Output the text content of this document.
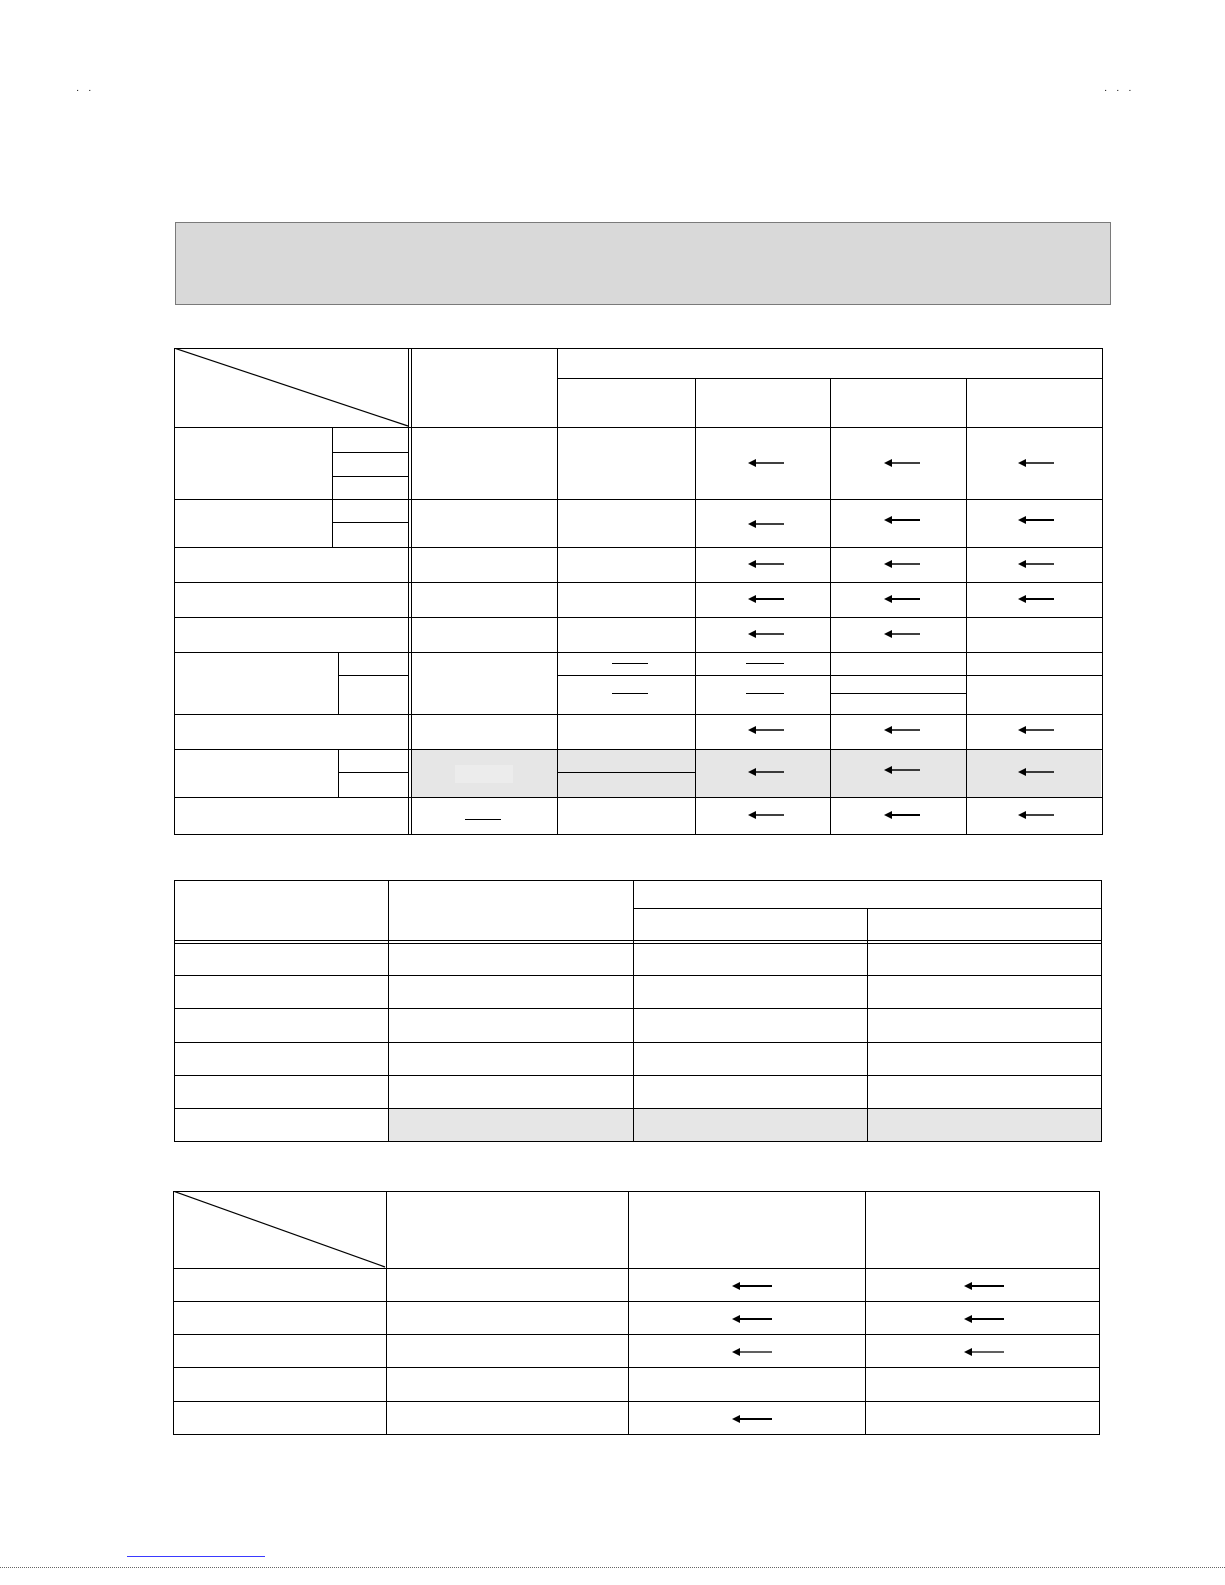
· ·	· · ·
